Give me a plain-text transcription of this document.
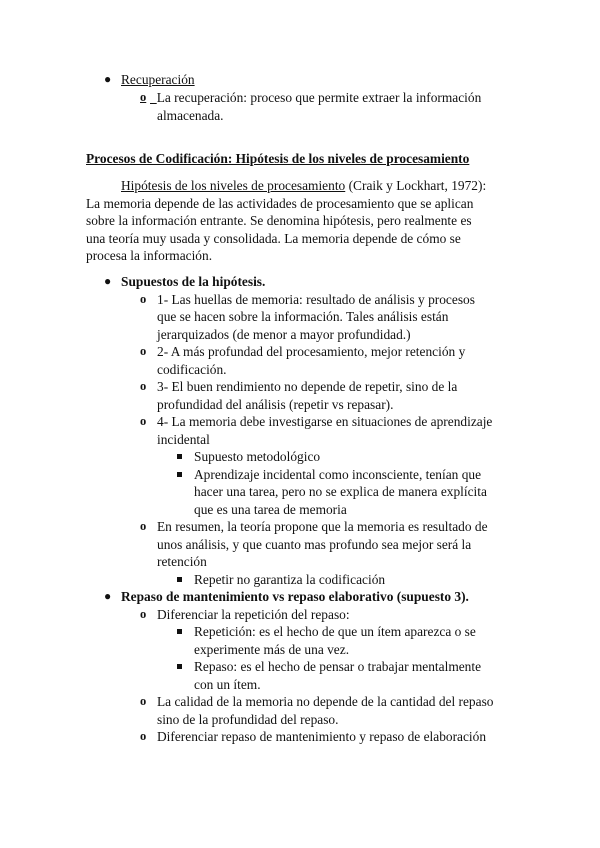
● Recuperación
o La recuperación: proceso que permite extraer la información
almacenada.
Procesos de Codificación: Hipótesis de los niveles de procesamiento
Hipótesis de los niveles de procesamiento (Craik y Lockhart, 1972):
La memoria depende de las actividades de procesamiento que se aplican
sobre la información entrante. Se denomina hipótesis, pero realmente es
una teoría muy usada y consolidada. La memoria depende de cómo se
procesa la información.
● Supuestos de la hipótesis.
o 1- Las huellas de memoria: resultado de análisis y procesos
que se hacen sobre la información. Tales análisis están
jerarquizados (de menor a mayor profundidad.)
o 2- A más profundad del procesamiento, mejor retención y
codificación.
o 3- El buen rendimiento no depende de repetir, sino de la
profundidad del análisis (repetir vs repasar).
o 4- La memoria debe investigarse en situaciones de aprendizaje
incidental
Supuesto metodológico
Aprendizaje incidental como inconsciente, tenían que
hacer una tarea, pero no se explica de manera explícita
que es una tarea de memoria
o En resumen, la teoría propone que la memoria es resultado de
unos análisis, y que cuanto mas profundo sea mejor será la
retención
Repetir no garantiza la codificación
● Repaso de mantenimiento vs repaso elaborativo (supuesto 3).
o Diferenciar la repetición del repaso:
Repetición: es el hecho de que un ítem aparezca o se
experimente más de una vez.
Repaso: es el hecho de pensar o trabajar mentalmente
con un ítem.
o La calidad de la memoria no depende de la cantidad del repaso
sino de la profundidad del repaso.
o Diferenciar repaso de mantenimiento y repaso de elaboración
